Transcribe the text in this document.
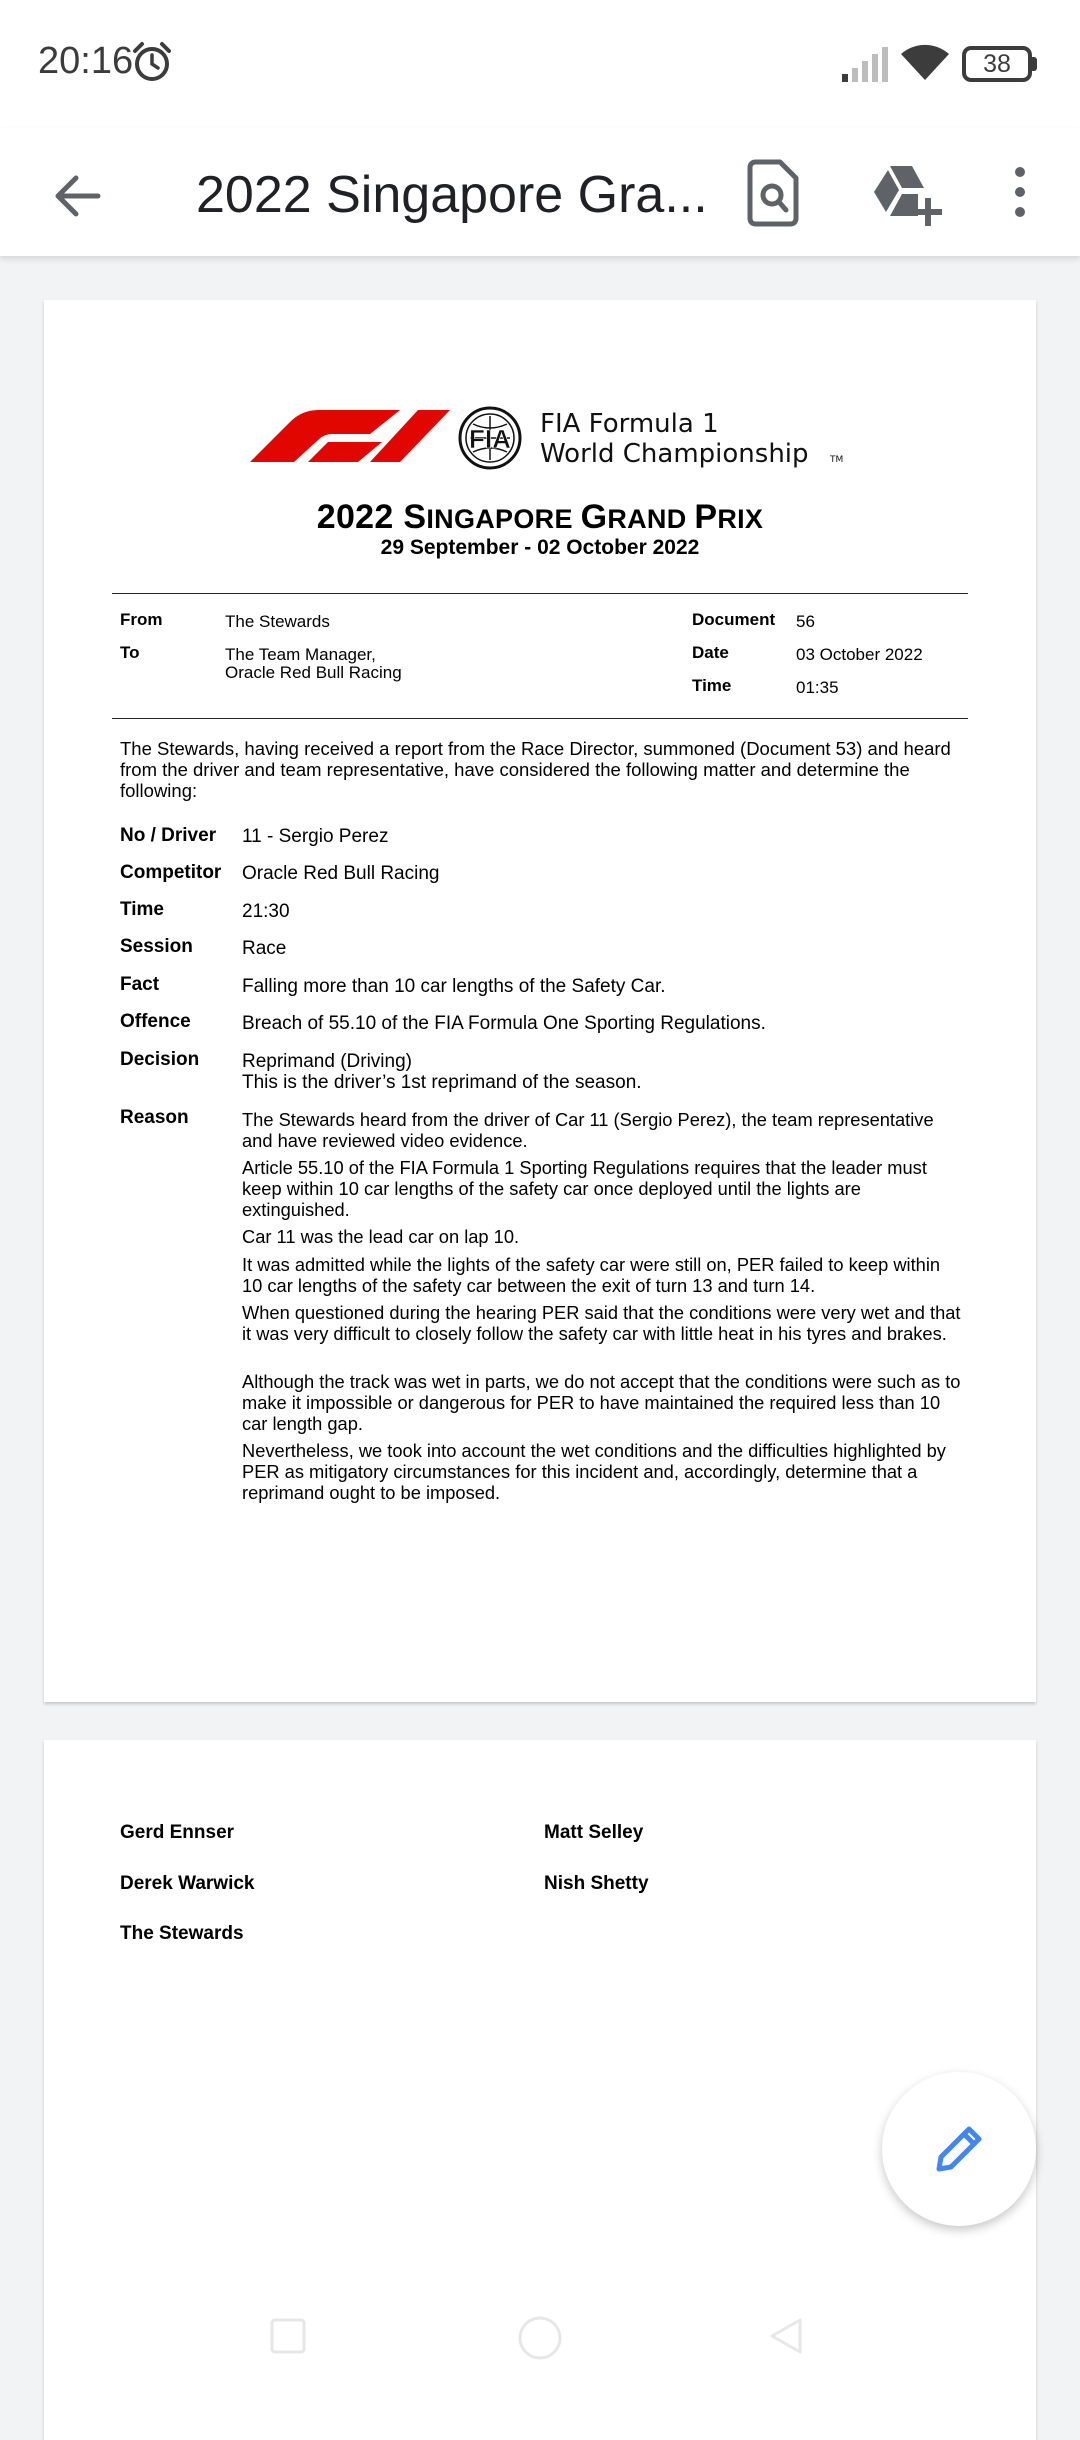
20:16	38
2022 Singapore Gra...
FIA FIA Formula 1
World Championship TM
2022 SINGAPORE GRAND PRIX
29 September - 02 October 2022
From	The Stewards
To	The Team Manager,
Oracle Red Bull Racing
Document 56
Date	03 October 2022
Time	01:35
The Stewards, having received a report from the Race Director, summoned (Document 53) and heard from the driver and team representative, have considered the following matter and determine the following:
No / Driver 11 - Sergio Perez
Competitor Oracle Red Bull Racing
Time	21:30
Session	Race
Fact	Falling more than 10 car lengths of the Safety Car.
Offence	Breach of 55.10 of the FIA Formula One Sporting Regulations.
Decision Reprimand (Driving)
This is the driver’s 1st reprimand of the season.
Reason	The Stewards heard from the driver of Car 11 (Sergio Perez), the team representative and have reviewed video evidence.
Article 55.10 of the FIA Formula 1 Sporting Regulations requires that the leader must keep within 10 car lengths of the safety car once deployed until the lights are extinguished.
Car 11 was the lead car on lap 10.
It was admitted while the lights of the safety car were still on, PER failed to keep within 10 car lengths of the safety car between the exit of turn 13 and turn 14.
When questioned during the hearing PER said that the conditions were very wet and that it was very difficult to closely follow the safety car with little heat in his tyres and brakes.
Although the track was wet in parts, we do not accept that the conditions were such as to make it impossible or dangerous for PER to have maintained the required less than 10 car length gap.
Nevertheless, we took into account the wet conditions and the difficulties highlighted by PER as mitigatory circumstances for this incident and, accordingly, determine that a reprimand ought to be imposed.
Gerd Ennser	Matt Selley
Derek Warwick	Nish Shetty
The Stewards
